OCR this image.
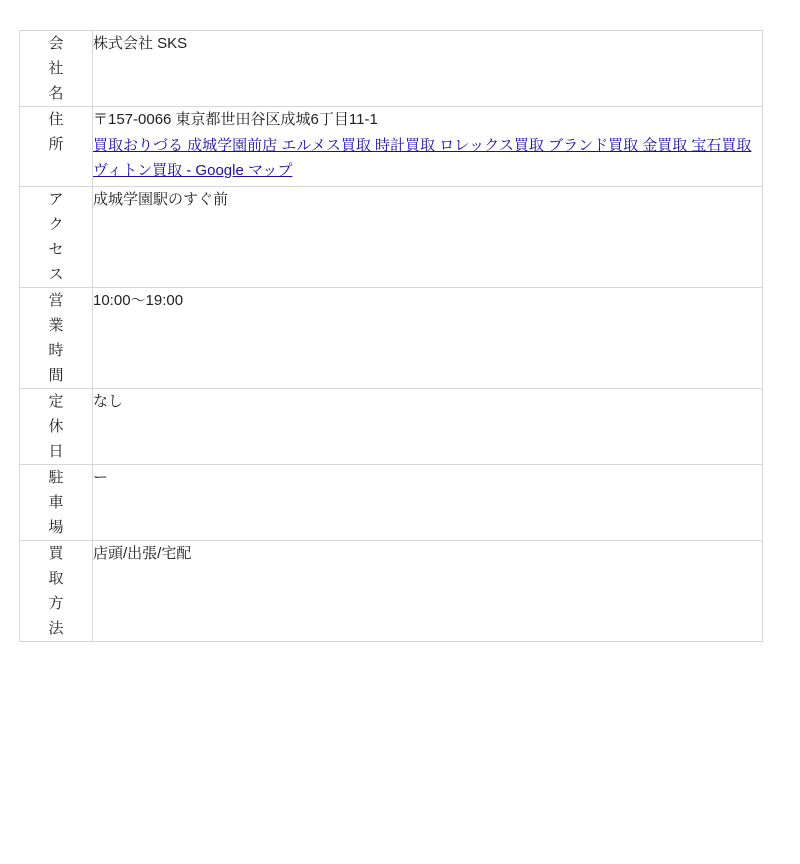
会社名	株式会社 SKS

住所	〒157-0066 東京都世田谷区成城6丁目11-1
買取おりづる 成城学園前店 エルメス買取 時計買取 ロレックス買取 ブランド買取 金買取 宝石買取 ヴィトン買取 - Google マップ

アクセス	成城学園駅のすぐ前

営業時間	10:00〜19:00

定休日	なし

駐車場	ー

買取方法	店頭/出張/宅配
